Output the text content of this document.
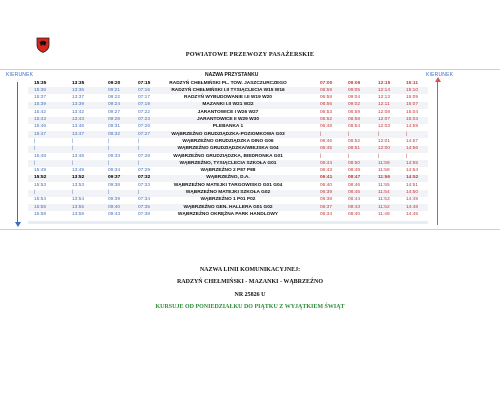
POWIATOWE PRZEWOZY PASAŻERSKIE
KIERUNEK	KIERUNEK
NAZWA PRZYSTANKU
15:35	13:35	09:20	07:15	RADZYŃ CHEŁMIŃSKI PL. TOW. JASZCZURCZEGO	07:00	09:06	12:15	15:11
15:36	13:36	09:21	07:16	RADZYŃ CHEŁMIŃSKI I.II TYSIĄCLECIA W15 W16	06:59	09:05	12:14	15:10
15:37	13:37	09:22	07:17	RADZYŃ WYBUDOWANIE I.II W19 W20	06:58	09:04	12:13	15:09
15:39	13:39	09:24	07:19	MAZANKI I.II W21 W22	06:56	09:02	12:11	15:07
15:42	13:42	09:27	07:22	JARANTOWICE I W26 W27	06:53	08:59	12:08	15:04
15:43	13:43	09:28	07:23	JARANTOWICE II W29 W30	06:52	08:58	12:07	15:03
15:46	13:46	09:31	07:26	PLEBANKA 1	06:48	08:54	12:03	14:59
15:47	13:47	09:32	07:27	WĄBRZEŹNO GRUDZIĄDZKA-POZIOMKOWA G03	|	|	|	|
|	|	|	|	WĄBRZEŹNO GRUDZIĄDZKA DINO G06	06:46	08:52	12:01	14:57
|	|	|	|	WĄBRZEŹNO GRUDZIĄDZKA/WIEJSKA G04	06:45	08:51	12:00	14:56
15:48	13:48	09:33	07:28	WĄBRZEŹNO GRUDZIĄDZKA, BIEDRONKA G01	|	|	|	|
|	|	|	|	WĄBRZEŹNO, TYSIĄCLECIA SZKOŁA G01	06:44	08:50	11:59	14:55
15:49	13:49	09:34	07:29	WĄBRZEŹNO 2 P87 P88	06:43	08:49	11:58	14:54
15:52	13:52	09:37	07:32	WĄBRZEŹNO, D.A.	06:41	08:47	11:56	14:52
15:53	13:53	09:38	07:33	WĄBRZEŹNO MATEJKI TARGOWISKO G01 G04	06:40	08:46	11:55	14:51
|	|	|	|	WĄBRZEŹNO MATEJKI SZKOŁA G02	06:39	08:45	11:54	14:50
15:54	13:54	09:39	07:34	WĄBRZEŹNO 1 P01 P02	06:38	08:44	11:53	14:49
15:55	13:55	09:40	07:35	WĄBRZEŹNO GEN. HALLERA G01 G02	06:37	08:43	11:52	14:48
15:58	13:58	09:43	07:38	WĄBRZEŹNO OKRĘŻNA PARK HANDLOWY	06:34	08:40	11:49	14:45
NAZWA LINII KOMUNIKACYJNEJ:
RADZYŃ CHEŁMIŃSKI - MAZANKI - WĄBRZEŹNO
NR 25826 U
KURSUJE OD PONIEDZIAŁKU DO PIĄTKU Z WYJĄTKIEM ŚWIĄT
